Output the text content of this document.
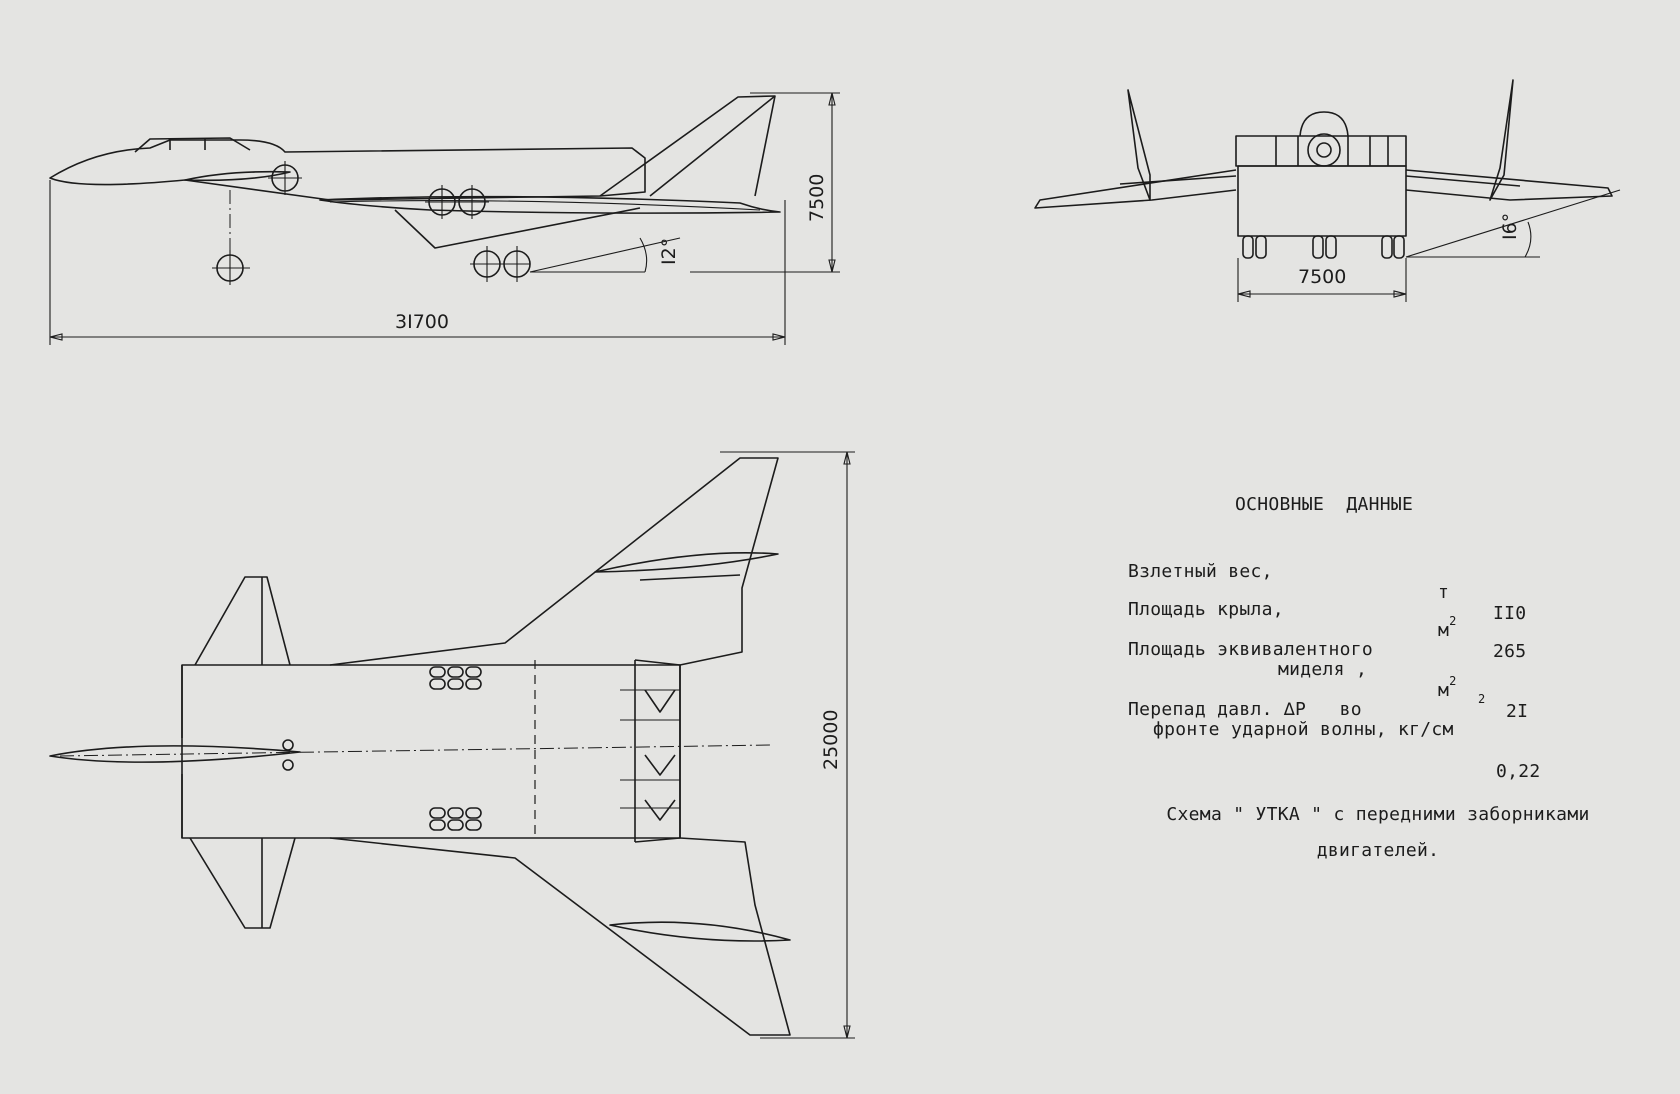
3I700
7500
I2°
7500
I6°
25000
ОСНОВНЫЕ  ДАННЫЕ

Взлетный вес,

т

II0

Площадь крыла,

$м^2$

265

Площадь эквивалентного

миделя ,

$м^2$

2I

Перепад давл. ∆P   во

фронте ударной волны, кг/см

2

0,22

Схема " УТКА " с передними заборниками
двигателей.
